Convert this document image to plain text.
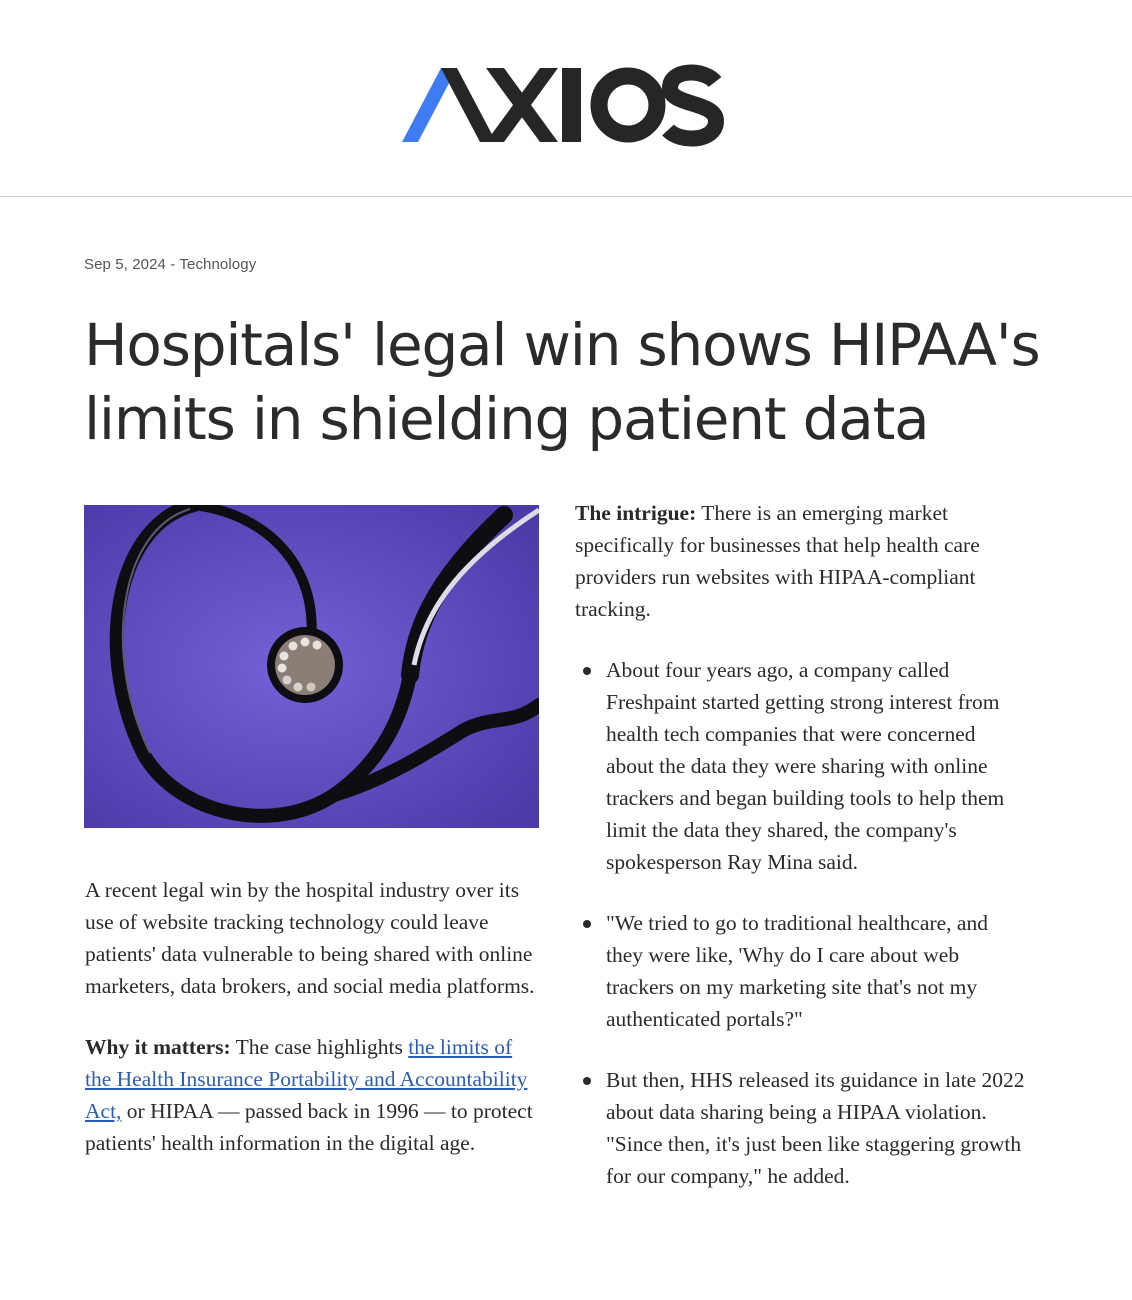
Sep 5, 2024 - Technology
Hospitals' legal win shows HIPAA's limits in shielding patient data

A recent legal win by the hospital industry over its use of website tracking technology could leave patients' data vulnerable to being shared with online marketers, data brokers, and social media platforms.

Why it matters: The case highlights the limits of the Health Insurance Portability and Accountability Act, or HIPAA — passed back in 1996 — to protect patients' health information in the digital age.

The intrigue: There is an emerging market specifically for businesses that help health care providers run websites with HIPAA-compliant tracking.

About four years ago, a company called Freshpaint started getting strong interest from health tech companies that were concerned about the data they were sharing with online trackers and began building tools to help them limit the data they shared, the company's spokesperson Ray Mina said.
"We tried to go to traditional healthcare, and they were like, 'Why do I care about web trackers on my marketing site that's not my authenticated portals?"
But then, HHS released its guidance in late 2022 about data sharing being a HIPAA violation. "Since then, it's just been like staggering growth for our company," he added.
